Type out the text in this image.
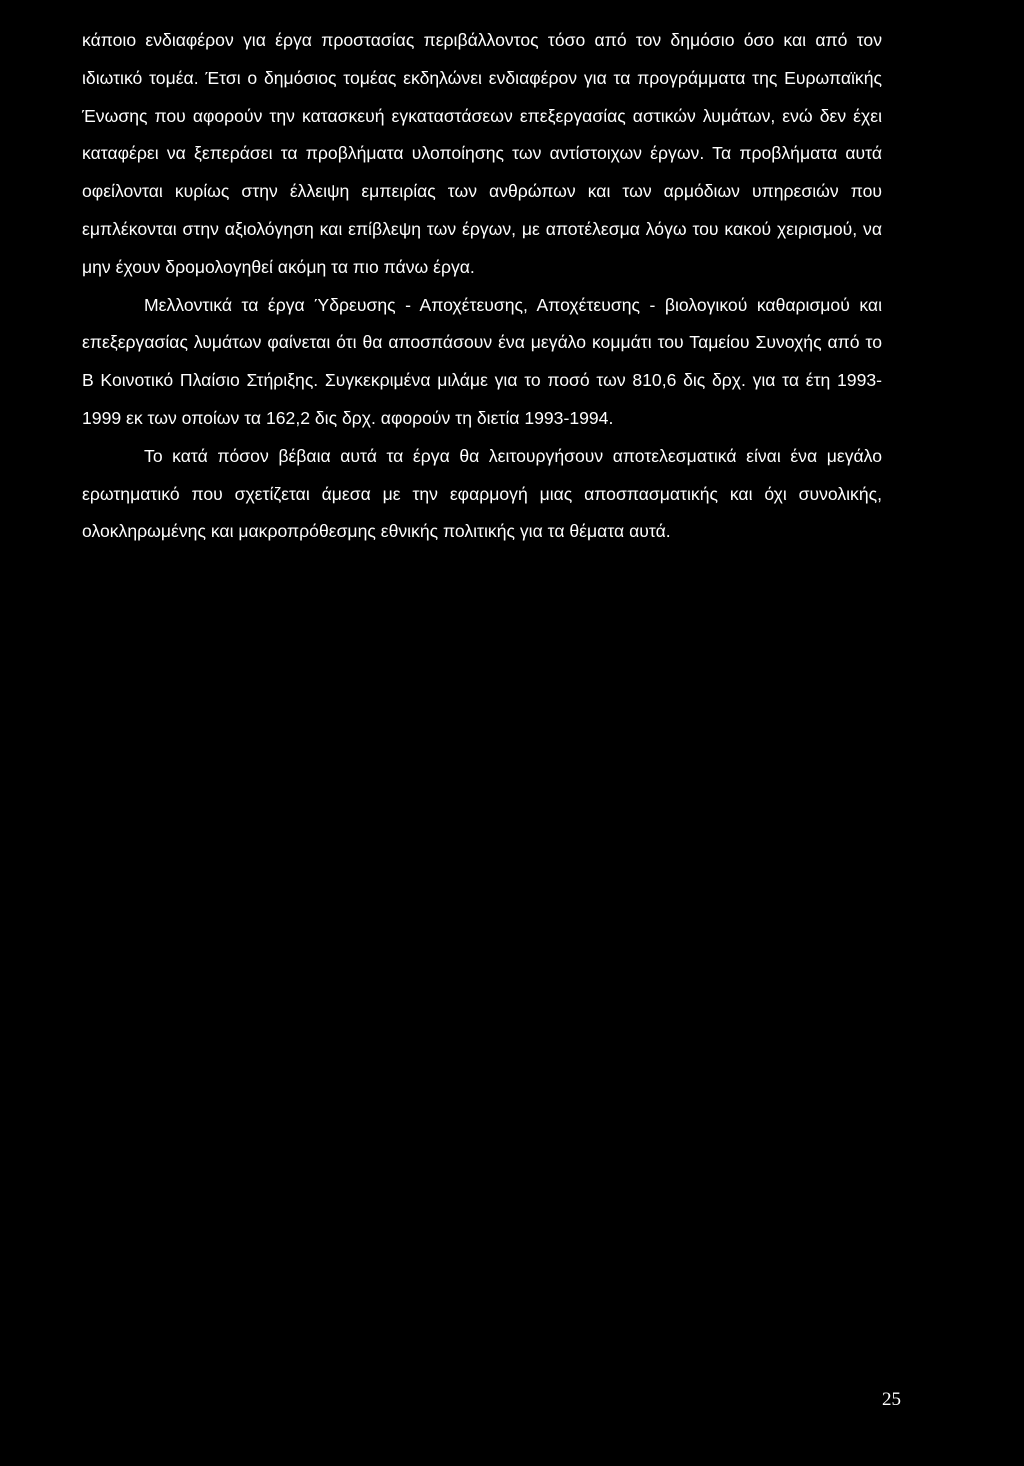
κάποιο ενδιαφέρον για έργα προστασίας περιβάλλοντος τόσο από τον δημόσιο όσο και από τον ιδιωτικό τομέα. Έτσι ο δημόσιος τομέας εκδηλώνει ενδιαφέρον για τα προγράμματα της Ευρωπαϊκής Ένωσης που αφορούν την κατασκευή εγκαταστάσεων επεξεργασίας αστικών λυμάτων, ενώ δεν έχει καταφέρει να ξεπεράσει τα προβλήματα υλοποίησης των αντίστοιχων έργων. Τα προβλήματα αυτά οφείλονται κυρίως στην έλλειψη εμπειρίας των ανθρώπων και των αρμόδιων υπηρεσιών που εμπλέκονται στην αξιολόγηση και επίβλεψη των έργων, με αποτέλεσμα λόγω του κακού χειρισμού, να μην έχουν δρομολογηθεί ακόμη τα πιο πάνω έργα.

Μελλοντικά τα έργα Ύδρευσης - Αποχέτευσης, Αποχέτευσης - βιολογικού καθαρισμού και επεξεργασίας λυμάτων φαίνεται ότι θα αποσπάσουν ένα μεγάλο κομμάτι του Ταμείου Συνοχής από το Β Κοινοτικό Πλαίσιο Στήριξης. Συγκεκριμένα μιλάμε για το ποσό των 810,6 δις δρχ. για τα έτη 1993-1999 εκ των οποίων τα 162,2 δις δρχ. αφορούν τη διετία 1993-1994.

Το κατά πόσον βέβαια αυτά τα έργα θα λειτουργήσουν αποτελεσματικά είναι ένα μεγάλο ερωτηματικό που σχετίζεται άμεσα με την εφαρμογή μιας αποσπασματικής και όχι συνολικής, ολοκληρωμένης και μακροπρόθεσμης εθνικής πολιτικής για τα θέματα αυτά.

25
